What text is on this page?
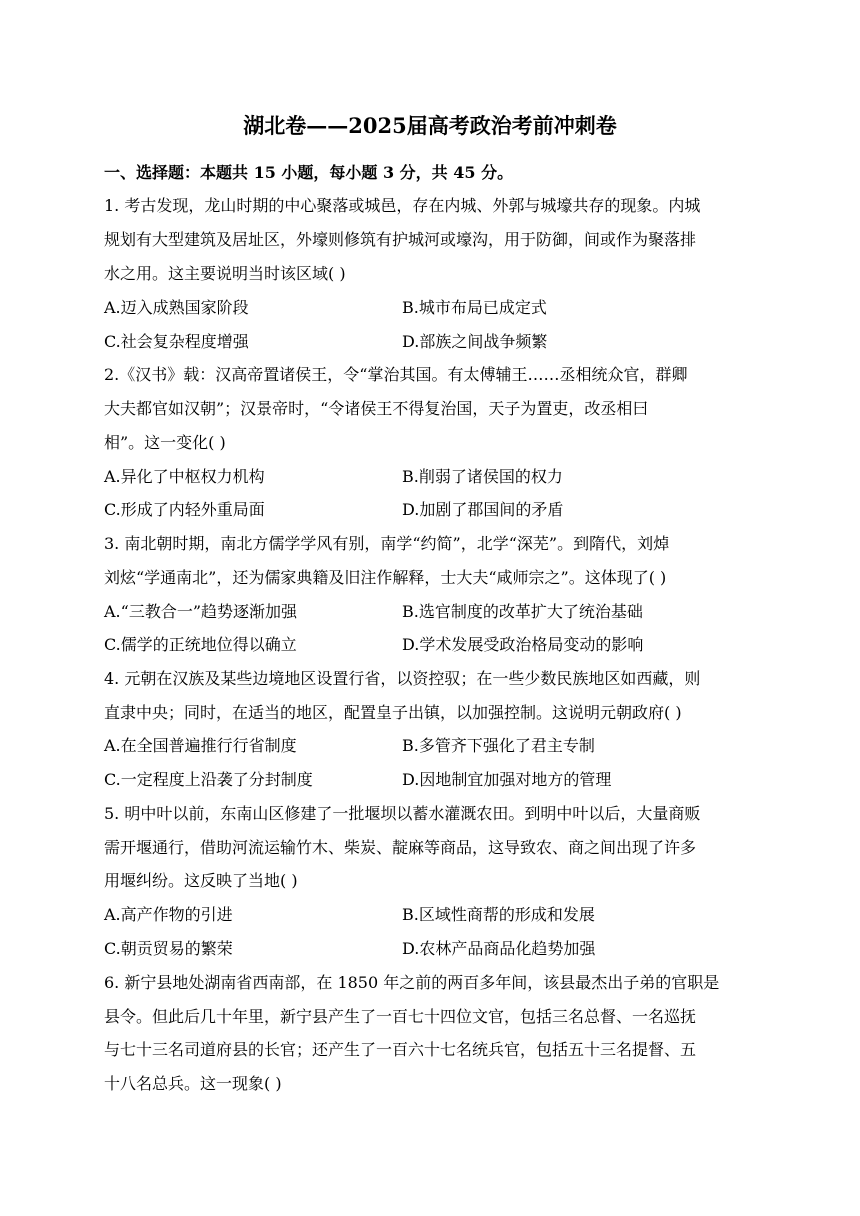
湖北卷——2025届高考政治考前冲刺卷
一、选择题：本题共 15 小题，每小题 3 分，共 45 分。
1. 考古发现，龙山时期的中心聚落或城邑，存在内城、外郭与城壕共存的现象。内城
规划有大型建筑及居址区，外壕则修筑有护城河或壕沟，用于防御，间或作为聚落排
水之用。这主要说明当时该区域( )
A.迈入成熟国家阶段	B.城市布局已成定式
C.社会复杂程度增强	D.部族之间战争频繁
2.《汉书》载：汉高帝置诸侯王，令“掌治其国。有太傅辅王……丞相统众官，群卿
大夫都官如汉朝”；汉景帝时，“令诸侯王不得复治国，天子为置吏，改丞相曰
相”。这一变化( )
A.异化了中枢权力机构	B.削弱了诸侯国的权力
C.形成了内轻外重局面	D.加剧了郡国间的矛盾
3. 南北朝时期，南北方儒学学风有别，南学“约简”，北学“深芜”。到隋代，刘焯
刘炫“学通南北”，还为儒家典籍及旧注作解释，士大夫“咸师宗之”。这体现了( )
A.“三教合一”趋势逐渐加强	B.选官制度的改革扩大了统治基础
C.儒学的正统地位得以确立	D.学术发展受政治格局变动的影响
4. 元朝在汉族及某些边境地区设置行省，以资控驭；在一些少数民族地区如西藏，则
直隶中央；同时，在适当的地区，配置皇子出镇，以加强控制。这说明元朝政府( )
A.在全国普遍推行行省制度	B.多管齐下强化了君主专制
C.一定程度上沿袭了分封制度	D.因地制宜加强对地方的管理
5. 明中叶以前，东南山区修建了一批堰坝以蓄水灌溉农田。到明中叶以后，大量商贩
需开堰通行，借助河流运输竹木、柴炭、靛麻等商品，这导致农、商之间出现了许多
用堰纠纷。这反映了当地( )
A.高产作物的引进	B.区域性商帮的形成和发展
C.朝贡贸易的繁荣	D.农林产品商品化趋势加强
6. 新宁县地处湖南省西南部，在 1850 年之前的两百多年间，该县最杰出子弟的官职是
县令。但此后几十年里，新宁县产生了一百七十四位文官，包括三名总督、一名巡抚
与七十三名司道府县的长官；还产生了一百六十七名统兵官，包括五十三名提督、五
十八名总兵。这一现象( )
